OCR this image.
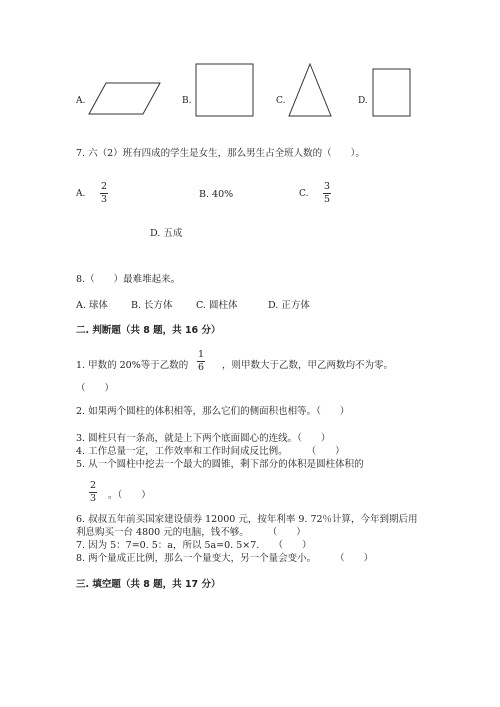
A.	B.	C.	D.
7. 六（2）班有四成的学生是女生，那么男生占全班人数的（　　）。
A.
2
3	B. 40%	C.
3
5
D. 五成
8.（　　）最难堆起来。
A. 球体 B. 长方体 C. 圆柱体	D. 正方体
二. 判断题（共 8 题，共 16 分）
1. 甲数的 20%等于乙数的
1
6 ，则甲数大于乙数，甲乙两数均不为零。
（　　）
2. 如果两个圆柱的体积相等，那么它们的侧面积也相等。（　　）
3. 圆柱只有一条高，就是上下两个底面圆心的连线。（　　）
4. 工作总量一定，工作效率和工作时间成反比例。　　　（　　）
5. 从一个圆柱中挖去一个最大的圆锥，剩下部分的体积是圆柱体积的
2
3 。（　　）
6. 叔叔五年前买国家建设债券 12000 元，按年利率 9. 72％计算，今年到期后用
利息购买一台 4800 元的电脑，钱不够。　　　（　　）
7. 因为 5：7=0. 5：a，所以 5a=0. 5×7.　　（　　）
8. 两个量成正比例，那么一个量变大，另一个量会变小。　　　（　　）
三. 填空题（共 8 题，共 17 分）
